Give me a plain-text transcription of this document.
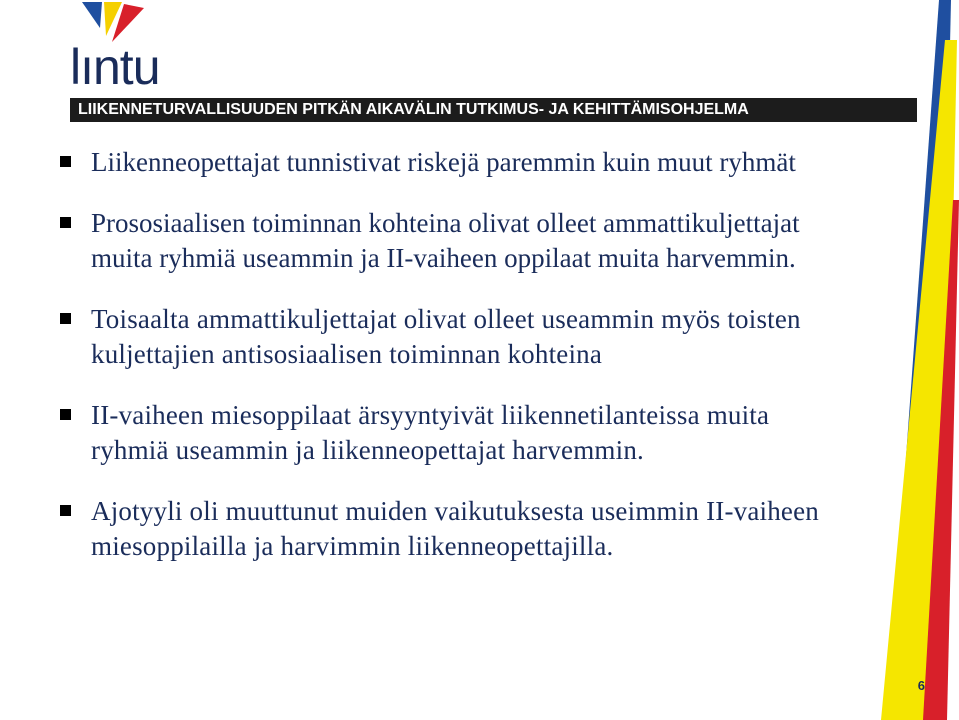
lıntu
LIIKENNETURVALLISUUDEN PITKÄN AIKAVÄLIN TUTKIMUS- JA KEHITTÄMISOHJELMA
Liikenneopettajat tunnistivat riskejä paremmin kuin muut ryhmät
Prososiaalisen toiminnan kohteina olivat olleet ammattikuljettajat muita ryhmiä useammin ja II-vaiheen oppilaat muita harvemmin.
Toisaalta ammattikuljettajat olivat olleet useammin myös toisten kuljettajien antisosiaalisen toiminnan kohteina
II-vaiheen miesoppilaat ärsyyntyivät liikennetilanteissa muita ryhmiä useammin ja liikenneopettajat harvemmin.
Ajotyyli oli muuttunut muiden vaikutuksesta useimmin II-vaiheen miesoppilailla ja harvimmin liikenneopettajilla.
6
